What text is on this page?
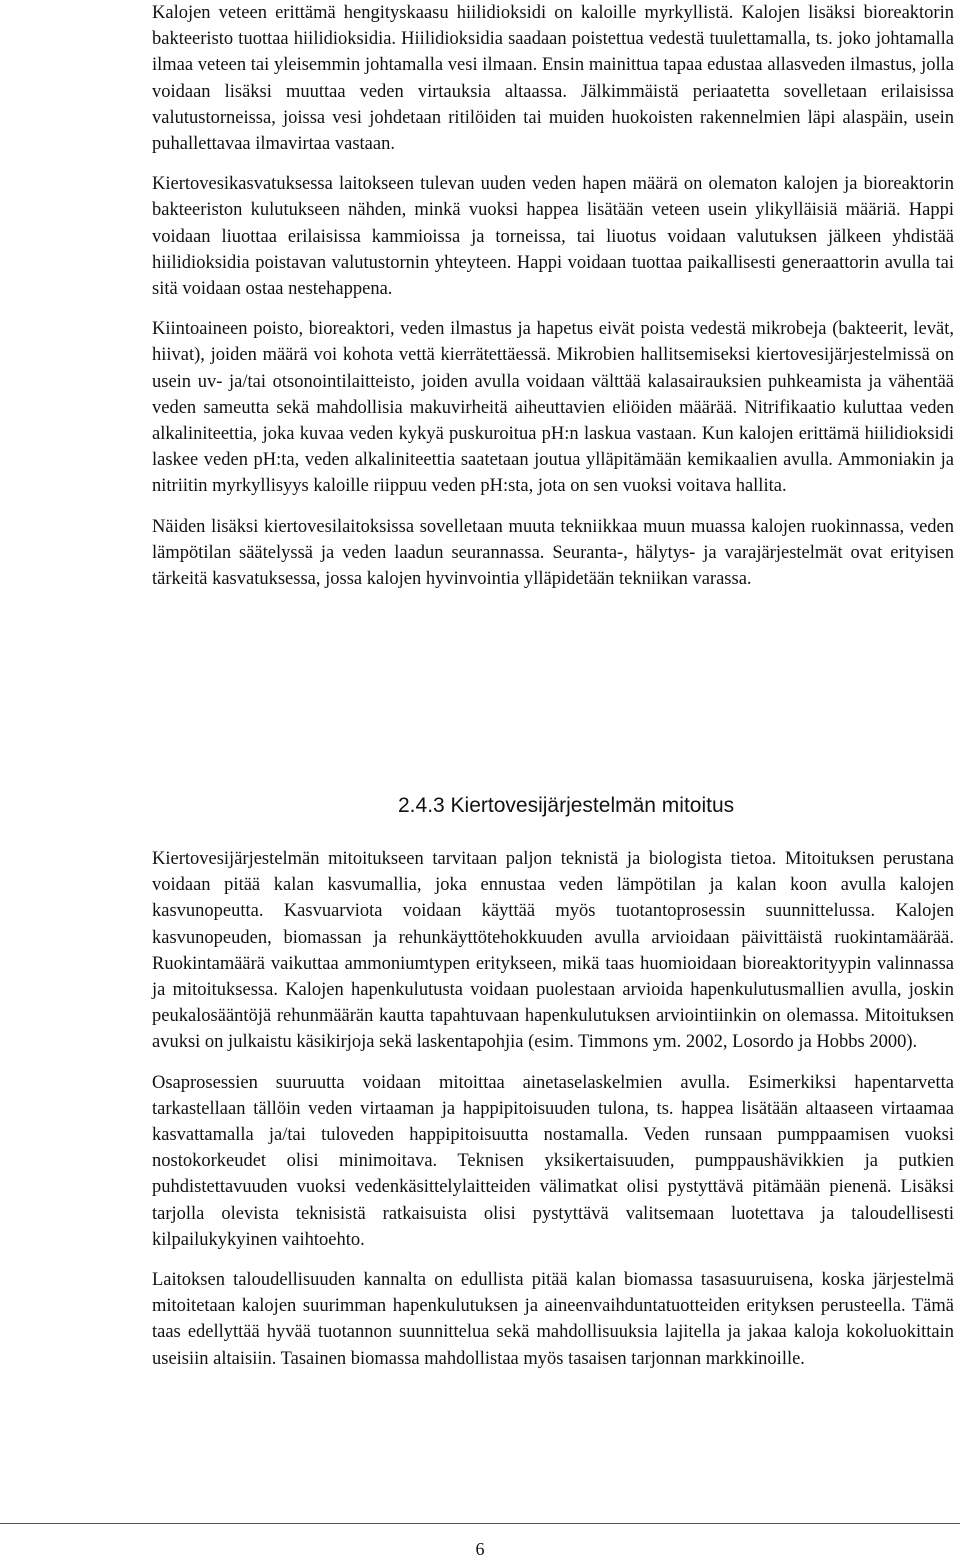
Kalojen veteen erittämä hengityskaasu hiilidioksidi on kaloille myrkyllistä. Kalojen lisäksi bioreaktorin bakteeristo tuottaa hiilidioksidia. Hiilidioksidia saadaan poistettua vedestä tuulettamalla, ts. joko johtamalla ilmaa veteen tai yleisemmin johtamalla vesi ilmaan. Ensin mainittua tapaa edustaa allasveden ilmastus, jolla voidaan lisäksi muuttaa veden virtauksia altaassa. Jälkimmäistä periaatetta sovelletaan erilaisissa valutustorneissa, joissa vesi johdetaan ritilöiden tai muiden huokoisten rakennelmien läpi alaspäin, usein puhallettavaa ilmavirtaa vastaan.

Kiertovesikasvatuksessa laitokseen tulevan uuden veden hapen määrä on olematon kalojen ja bioreaktorin bakteeriston kulutukseen nähden, minkä vuoksi happea lisätään veteen usein ylikylläisiä määriä. Happi voidaan liuottaa erilaisissa kammioissa ja torneissa, tai liuotus voidaan valutuksen jälkeen yhdistää hiilidioksidia poistavan valutustornin yhteyteen. Happi voidaan tuottaa paikallisesti generaattorin avulla tai sitä voidaan ostaa nestehappena.

Kiintoaineen poisto, bioreaktori, veden ilmastus ja hapetus eivät poista vedestä mikrobeja (bakteerit, levät, hiivat), joiden määrä voi kohota vettä kierrätettäessä. Mikrobien hallitsemiseksi kiertovesijärjestelmissä on usein uv- ja/tai otsonointilaitteisto, joiden avulla voidaan välttää kalasairauksien puhkeamista ja vähentää veden sameutta sekä mahdollisia makuvirheitä aiheuttavien eliöiden määrää. Nitrifikaatio kuluttaa veden alkaliniteettia, joka kuvaa veden kykyä puskuroitua pH:n laskua vastaan. Kun kalojen erittämä hiilidioksidi laskee veden pH:ta, veden alkaliniteettia saatetaan joutua ylläpitämään kemikaalien avulla. Ammoniakin ja nitriitin myrkyllisyys kaloille riippuu veden pH:sta, jota on sen vuoksi voitava hallita.

Näiden lisäksi kiertovesilaitoksissa sovelletaan muuta tekniikkaa muun muassa kalojen ruokinnassa, veden lämpötilan säätelyssä ja veden laadun seurannassa. Seuranta-, hälytys- ja varajärjestelmät ovat erityisen tärkeitä kasvatuksessa, jossa kalojen hyvinvointia ylläpidetään tekniikan varassa.

2.4.3 Kiertovesijärjestelmän mitoitus

Kiertovesijärjestelmän mitoitukseen tarvitaan paljon teknistä ja biologista tietoa. Mitoituksen perustana voidaan pitää kalan kasvumallia, joka ennustaa veden lämpötilan ja kalan koon avulla kalojen kasvunopeutta. Kasvuarviota voidaan käyttää myös tuotantoprosessin suunnittelussa. Kalojen kasvunopeuden, biomassan ja rehunkäyttötehokkuuden avulla arvioidaan päivittäistä ruokintamäärää. Ruokintamäärä vaikuttaa ammoniumtypen eritykseen, mikä taas huomioidaan bioreaktorityypin valinnassa ja mitoituksessa. Kalojen hapenkulutusta voidaan puolestaan arvioida hapenkulutusmallien avulla, joskin peukalosääntöjä rehunmäärän kautta tapahtuvaan hapenkulutuksen arviointiinkin on olemassa. Mitoituksen avuksi on julkaistu käsikirjoja sekä laskentapohjia (esim. Timmons ym. 2002, Losordo ja Hobbs 2000).

Osaprosessien suuruutta voidaan mitoittaa ainetaselaskelmien avulla. Esimerkiksi hapentarvetta tarkastellaan tällöin veden virtaaman ja happipitoisuuden tulona, ts. happea lisätään altaaseen virtaamaa kasvattamalla ja/tai tuloveden happipitoisuutta nostamalla. Veden runsaan pumppaamisen vuoksi nostokorkeudet olisi minimoitava. Teknisen yksikertaisuuden, pumppaushävikkien ja putkien puhdistettavuuden vuoksi vedenkäsittelylaitteiden välimatkat olisi pystyttävä pitämään pienenä. Lisäksi tarjolla olevista teknisistä ratkaisuista olisi pystyttävä valitsemaan luotettava ja taloudellisesti kilpailukykyinen vaihtoehto.

Laitoksen taloudellisuuden kannalta on edullista pitää kalan biomassa tasasuuruisena, koska järjestelmä mitoitetaan kalojen suurimman hapenkulutuksen ja aineenvaihduntatuotteiden erityksen perusteella. Tämä taas edellyttää hyvää tuotannon suunnittelua sekä mahdollisuuksia lajitella ja jakaa kaloja kokoluokittain useisiin altaisiin. Tasainen biomassa mahdollistaa myös tasaisen tarjonnan markkinoille.

6
